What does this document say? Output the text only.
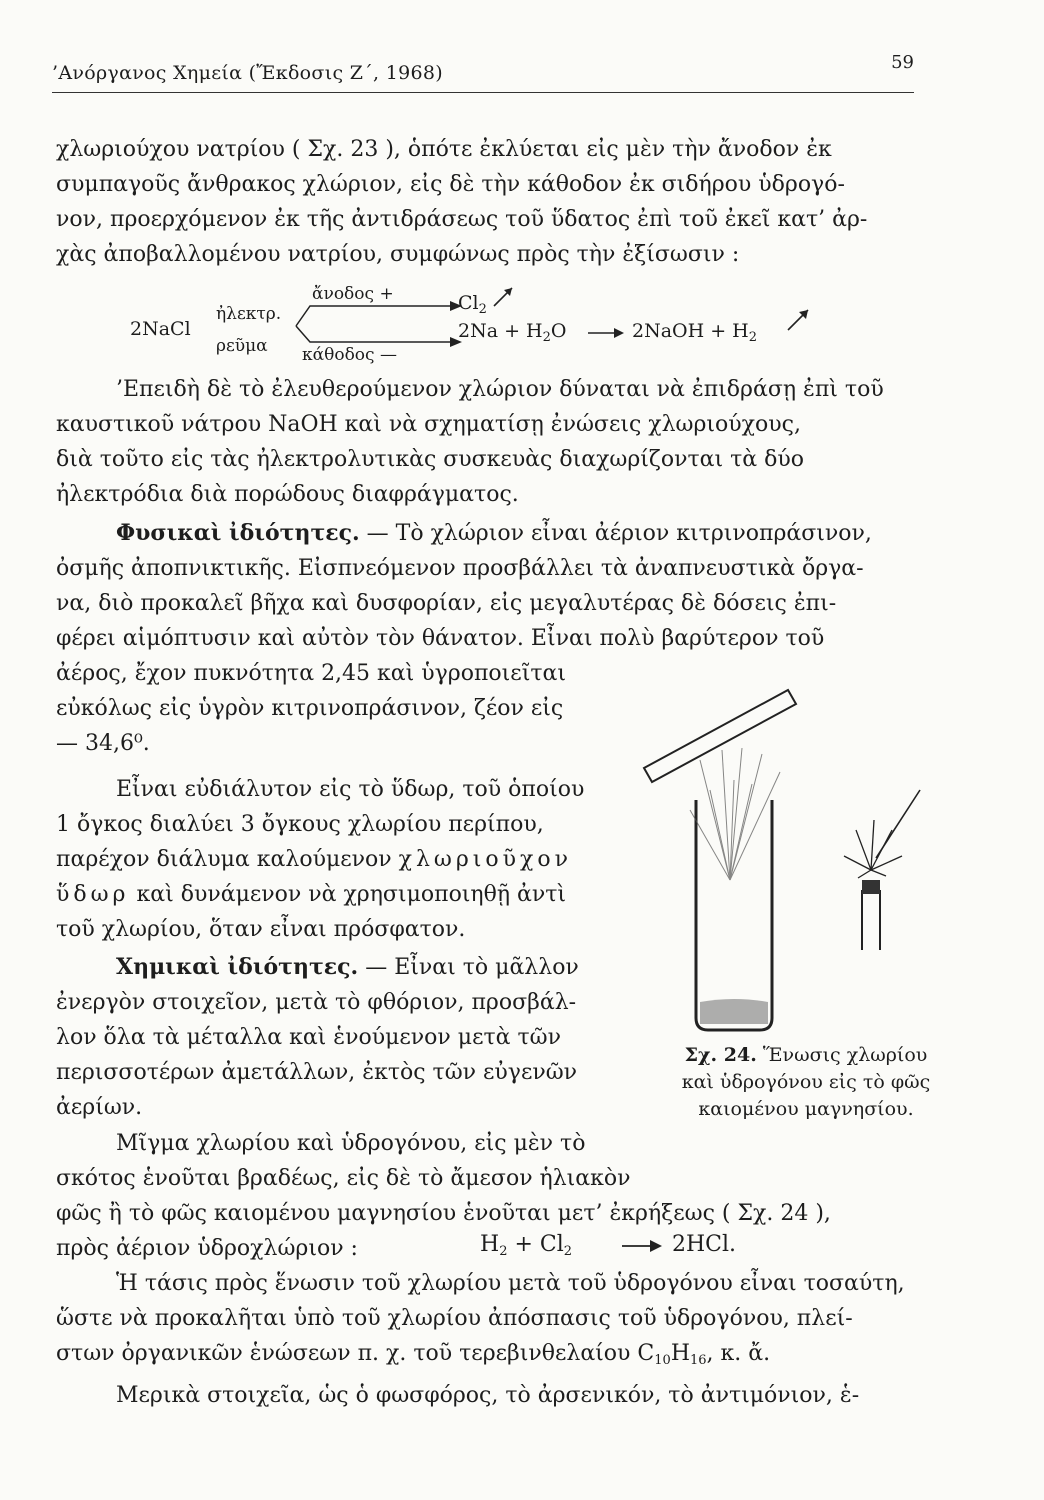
’Ανόργανος Χημεία (Ἔκδοσις Ζ΄, 1968)	59
χλωριούχου νατρίου ( Σχ. 23 ), ὁπότε ἐκλύεται εἰς μὲν τὴν ἄνοδον ἐκ
συμπαγοῦς ἄνθρακος χλώριον, εἰς δὲ τὴν κάθοδον ἐκ σιδήρου ὑδρογό-
νον, προερχόμενον ἐκ τῆς ἀντιδράσεως τοῦ ὕδατος ἐπὶ τοῦ ἐκεῖ κατ’ ἀρ-
χὰς ἀποβαλλομένου νατρίου, συμφώνως πρὸς τὴν ἐξίσωσιν :
2NaCl
ἠλεκτρ.
ρεῦμα
ἄνοδος +
κάθοδος —
$Cl_2$
$2Na + H_2O$ → 2NaOH + $H_2$
’Επειδὴ δὲ τὸ ἐλευθερούμενον χλώριον δύναται νὰ ἐπιδράσῃ ἐπὶ τοῦ
καυστικοῦ νάτρου NaOH καὶ νὰ σχηματίσῃ ἐνώσεις χλωριούχους,
διὰ τοῦτο εἰς τὰς ἠλεκτρολυτικὰς συσκευὰς διαχωρίζονται τὰ δύο
ἠλεκτρόδια διὰ πορώδους διαφράγματος.
Φυσικαὶ ἰδιότητες. — Τὸ χλώριον εἶναι ἀέριον κιτρινοπράσινον,
ὀσμῆς ἀποπνικτικῆς. Εἰσπνεόμενον προσβάλλει τὰ ἀναπνευστικὰ ὄργα-
να, διὸ προκαλεῖ βῆχα καὶ δυσφορίαν, εἰς μεγαλυτέρας δὲ δόσεις ἐπι-
φέρει αἱμόπτυσιν καὶ αὐτὸν τὸν θάνατον. Εἶναι πολὺ βαρύτερον τοῦ
ἀέρος, ἔχον πυκνότητα 2,45 καὶ ὑγροποιεῖται
εὐκόλως εἰς ὑγρὸν κιτρινοπράσινον, ζέον εἰς
— 34,6⁰.
Εἶναι εὐδιάλυτον εἰς τὸ ὕδωρ, τοῦ ὁποίου
1 ὄγκος διαλύει 3 ὄγκους χλωρίου περίπου,
παρέχον διάλυμα καλούμενον χλωριοῦχον
ὕδωρ καὶ δυνάμενον νὰ χρησιμοποιηθῇ ἀντὶ
τοῦ χλωρίου, ὅταν εἶναι πρόσφατον.
Χημικαὶ ἰδιότητες. — Εἶναι τὸ μᾶλλον
ἐνεργὸν στοιχεῖον, μετὰ τὸ φθόριον, προσβάλ-
λον ὅλα τὰ μέταλλα καὶ ἑνούμενον μετὰ τῶν
περισσοτέρων ἀμετάλλων, ἐκτὸς τῶν εὐγενῶν
ἀερίων.
Σχ. 24. Ἕνωσις χλωρίου καὶ ὑδρογόνου εἰς τὸ φῶς καιομένου μαγνησίου.
Μῖγμα χλωρίου καὶ ὑδρογόνου, εἰς μὲν τὸ
σκότος ἑνοῦται βραδέως, εἰς δὲ τὸ ἄμεσον ἡλιακὸν
φῶς ἢ τὸ φῶς καιομένου μαγνησίου ἑνοῦται μετ’ ἐκρήξεως ( Σχ. 24 ),
πρὸς ἀέριον ὑδροχλώριον :	$H_2 + Cl_2$	→ 2HCl.
Ἡ τάσις πρὸς ἕνωσιν τοῦ χλωρίου μετὰ τοῦ ὑδρογόνου εἶναι τοσαύτη,
ὥστε νὰ προκαλῆται ὑπὸ τοῦ χλωρίου ἀπόσπασις τοῦ ὑδρογόνου, πλεί-
στων ὀργανικῶν ἑνώσεων π. χ. τοῦ τερεβινθελαίου $C_{10}H_{16}$, κ. ἄ.
Μερικὰ στοιχεῖα, ὡς ὁ φωσφόρος, τὸ ἀρσενικόν, τὸ ἀντιμόνιον, ἑ-
